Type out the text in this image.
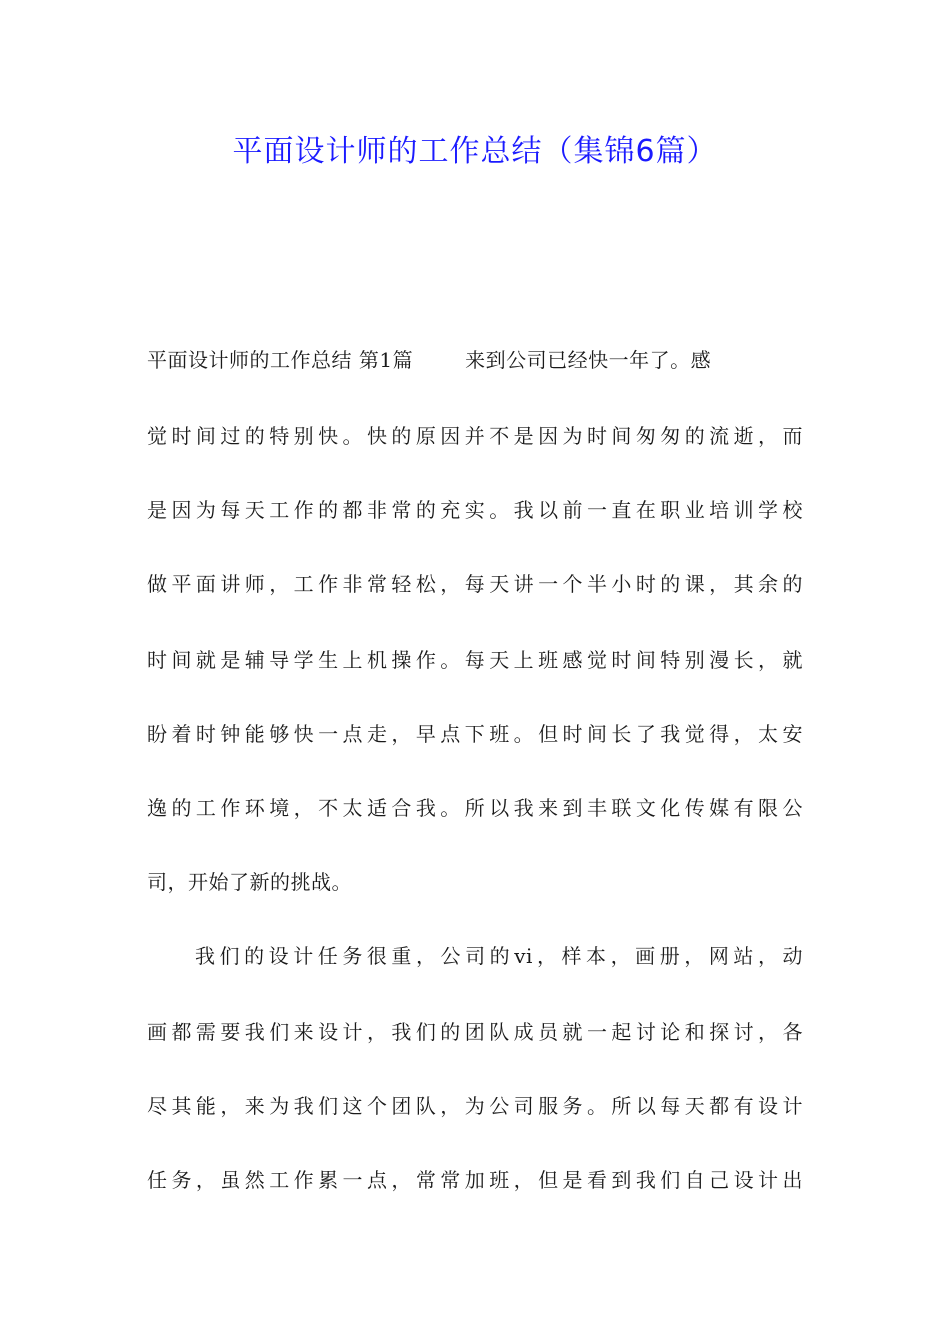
平面设计师的工作总结（集锦6篇）
平面设计师的工作总结 第1篇	来到公司已经快一年了。感
觉时间过的特别快。快的原因并不是因为时间匆匆的流逝，而
是因为每天工作的都非常的充实。我以前一直在职业培训学校
做平面讲师，工作非常轻松，每天讲一个半小时的课，其余的
时间就是辅导学生上机操作。每天上班感觉时间特别漫长，就
盼着时钟能够快一点走，早点下班。但时间长了我觉得，太安
逸的工作环境，不太适合我。所以我来到丰联文化传媒有限公
司，开始了新的挑战。
我们的设计任务很重，公司的vi，样本，画册，网站，动
画都需要我们来设计，我们的团队成员就一起讨论和探讨，各
尽其能，来为我们这个团队，为公司服务。所以每天都有设计
任务，虽然工作累一点，常常加班，但是看到我们自己设计出
